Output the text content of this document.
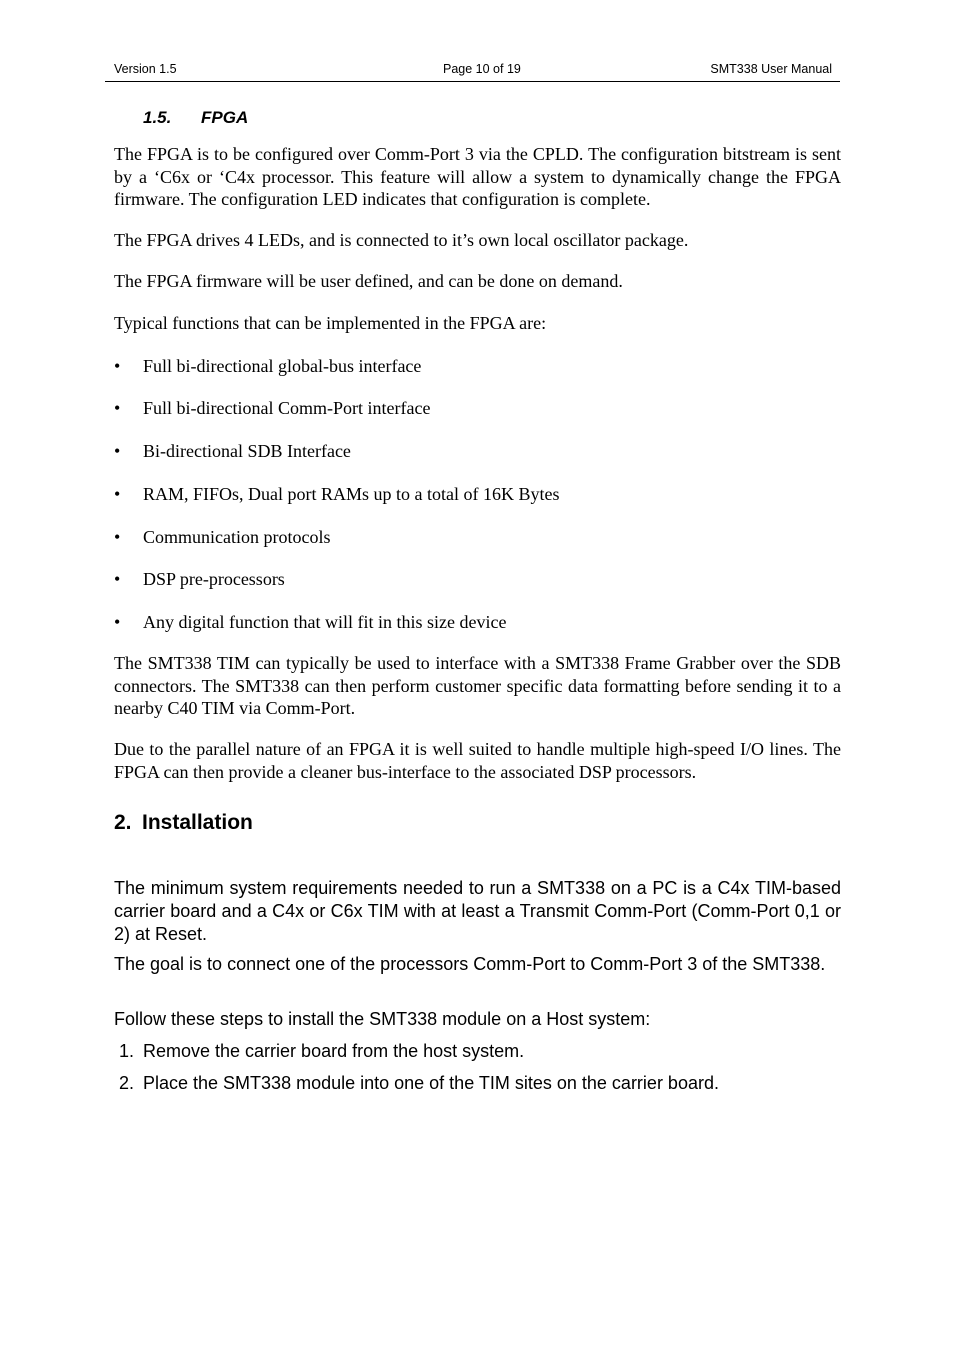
Version 1.5	Page 10 of 19	SMT338 User Manual
1.5. FPGA

The FPGA is to be configured over Comm-Port 3 via the CPLD. The configuration bitstream is sent by a ‘C6x or ‘C4x processor. This feature will allow a system to dynamically change the FPGA firmware. The configuration LED indicates that configuration is complete.

The FPGA drives 4 LEDs, and is connected to it’s own local oscillator package.

The FPGA firmware will be user defined, and can be done on demand.

Typical functions that can be implemented in the FPGA are:

• Full bi-directional global-bus interface
• Full bi-directional Comm-Port interface
• Bi-directional SDB Interface
• RAM, FIFOs, Dual port RAMs up to a total of 16K Bytes
• Communication protocols
• DSP pre-processors
• Any digital function that will fit in this size device

The SMT338 TIM can typically be used to interface with a SMT338 Frame Grabber over the SDB connectors. The SMT338 can then perform customer specific data formatting before sending it to a nearby C40 TIM via Comm-Port.

Due to the parallel nature of an FPGA it is well suited to handle multiple high-speed I/O lines. The FPGA can then provide a cleaner bus-interface to the associated DSP processors.

2. Installation

The minimum system requirements needed to run a SMT338 on a PC is a C4x TIM-based carrier board and a C4x or C6x TIM with at least a Transmit Comm-Port (Comm-Port 0,1 or 2) at Reset.

The goal is to connect one of the processors Comm-Port to Comm-Port 3 of the SMT338.

Follow these steps to install the SMT338 module on a Host system:

1. Remove the carrier board from the host system.
2. Place the SMT338 module into one of the TIM sites on the carrier board.
